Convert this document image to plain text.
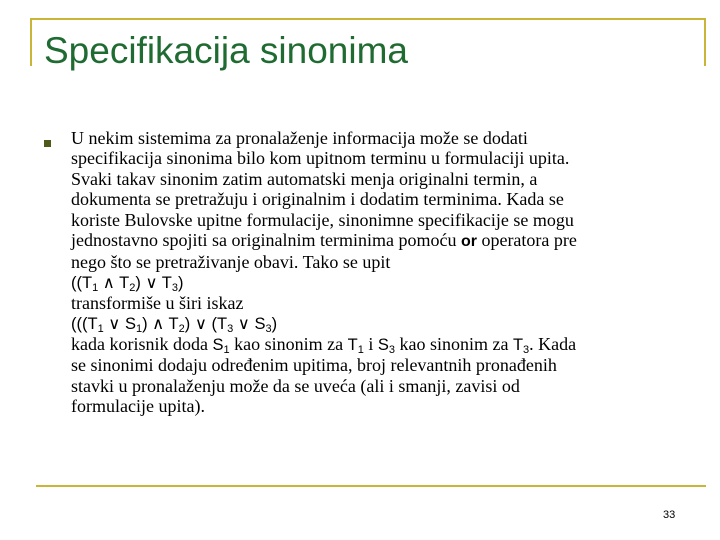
Specifikacija sinonima

U nekim sistemima za pronalaženje informacija može se dodati

specifikacija sinonima bilo kom upitnom terminu u formulaciji upita.

Svaki takav sinonim zatim automatski menja originalni termin, a

dokumenta se pretražuju i originalnim i dodatim terminima. Kada se

koriste Bulovske upitne formulacije, sinonimne specifikacije se mogu

jednostavno spojiti sa originalnim terminima pomoću or operatora pre

nego što se pretraživanje obavi. Tako se upit

(($T_1$ ∧ $T_2$) ∨ $T_3$)

transformiše u širi iskaz

((($T_1$ ∨ $S_1$) ∧ $T_2$) ∨ ($T_3$ ∨ $S_3$)

kada korisnik doda $S_1$ kao sinonim za $T_1$ i $S_3$ kao sinonim za $T_3$. Kada

se sinonimi dodaju određenim upitima, broj relevantnih pronađenih

stavki u pronalaženju može da se uveća (ali i smanji, zavisi od

formulacije upita).

33
